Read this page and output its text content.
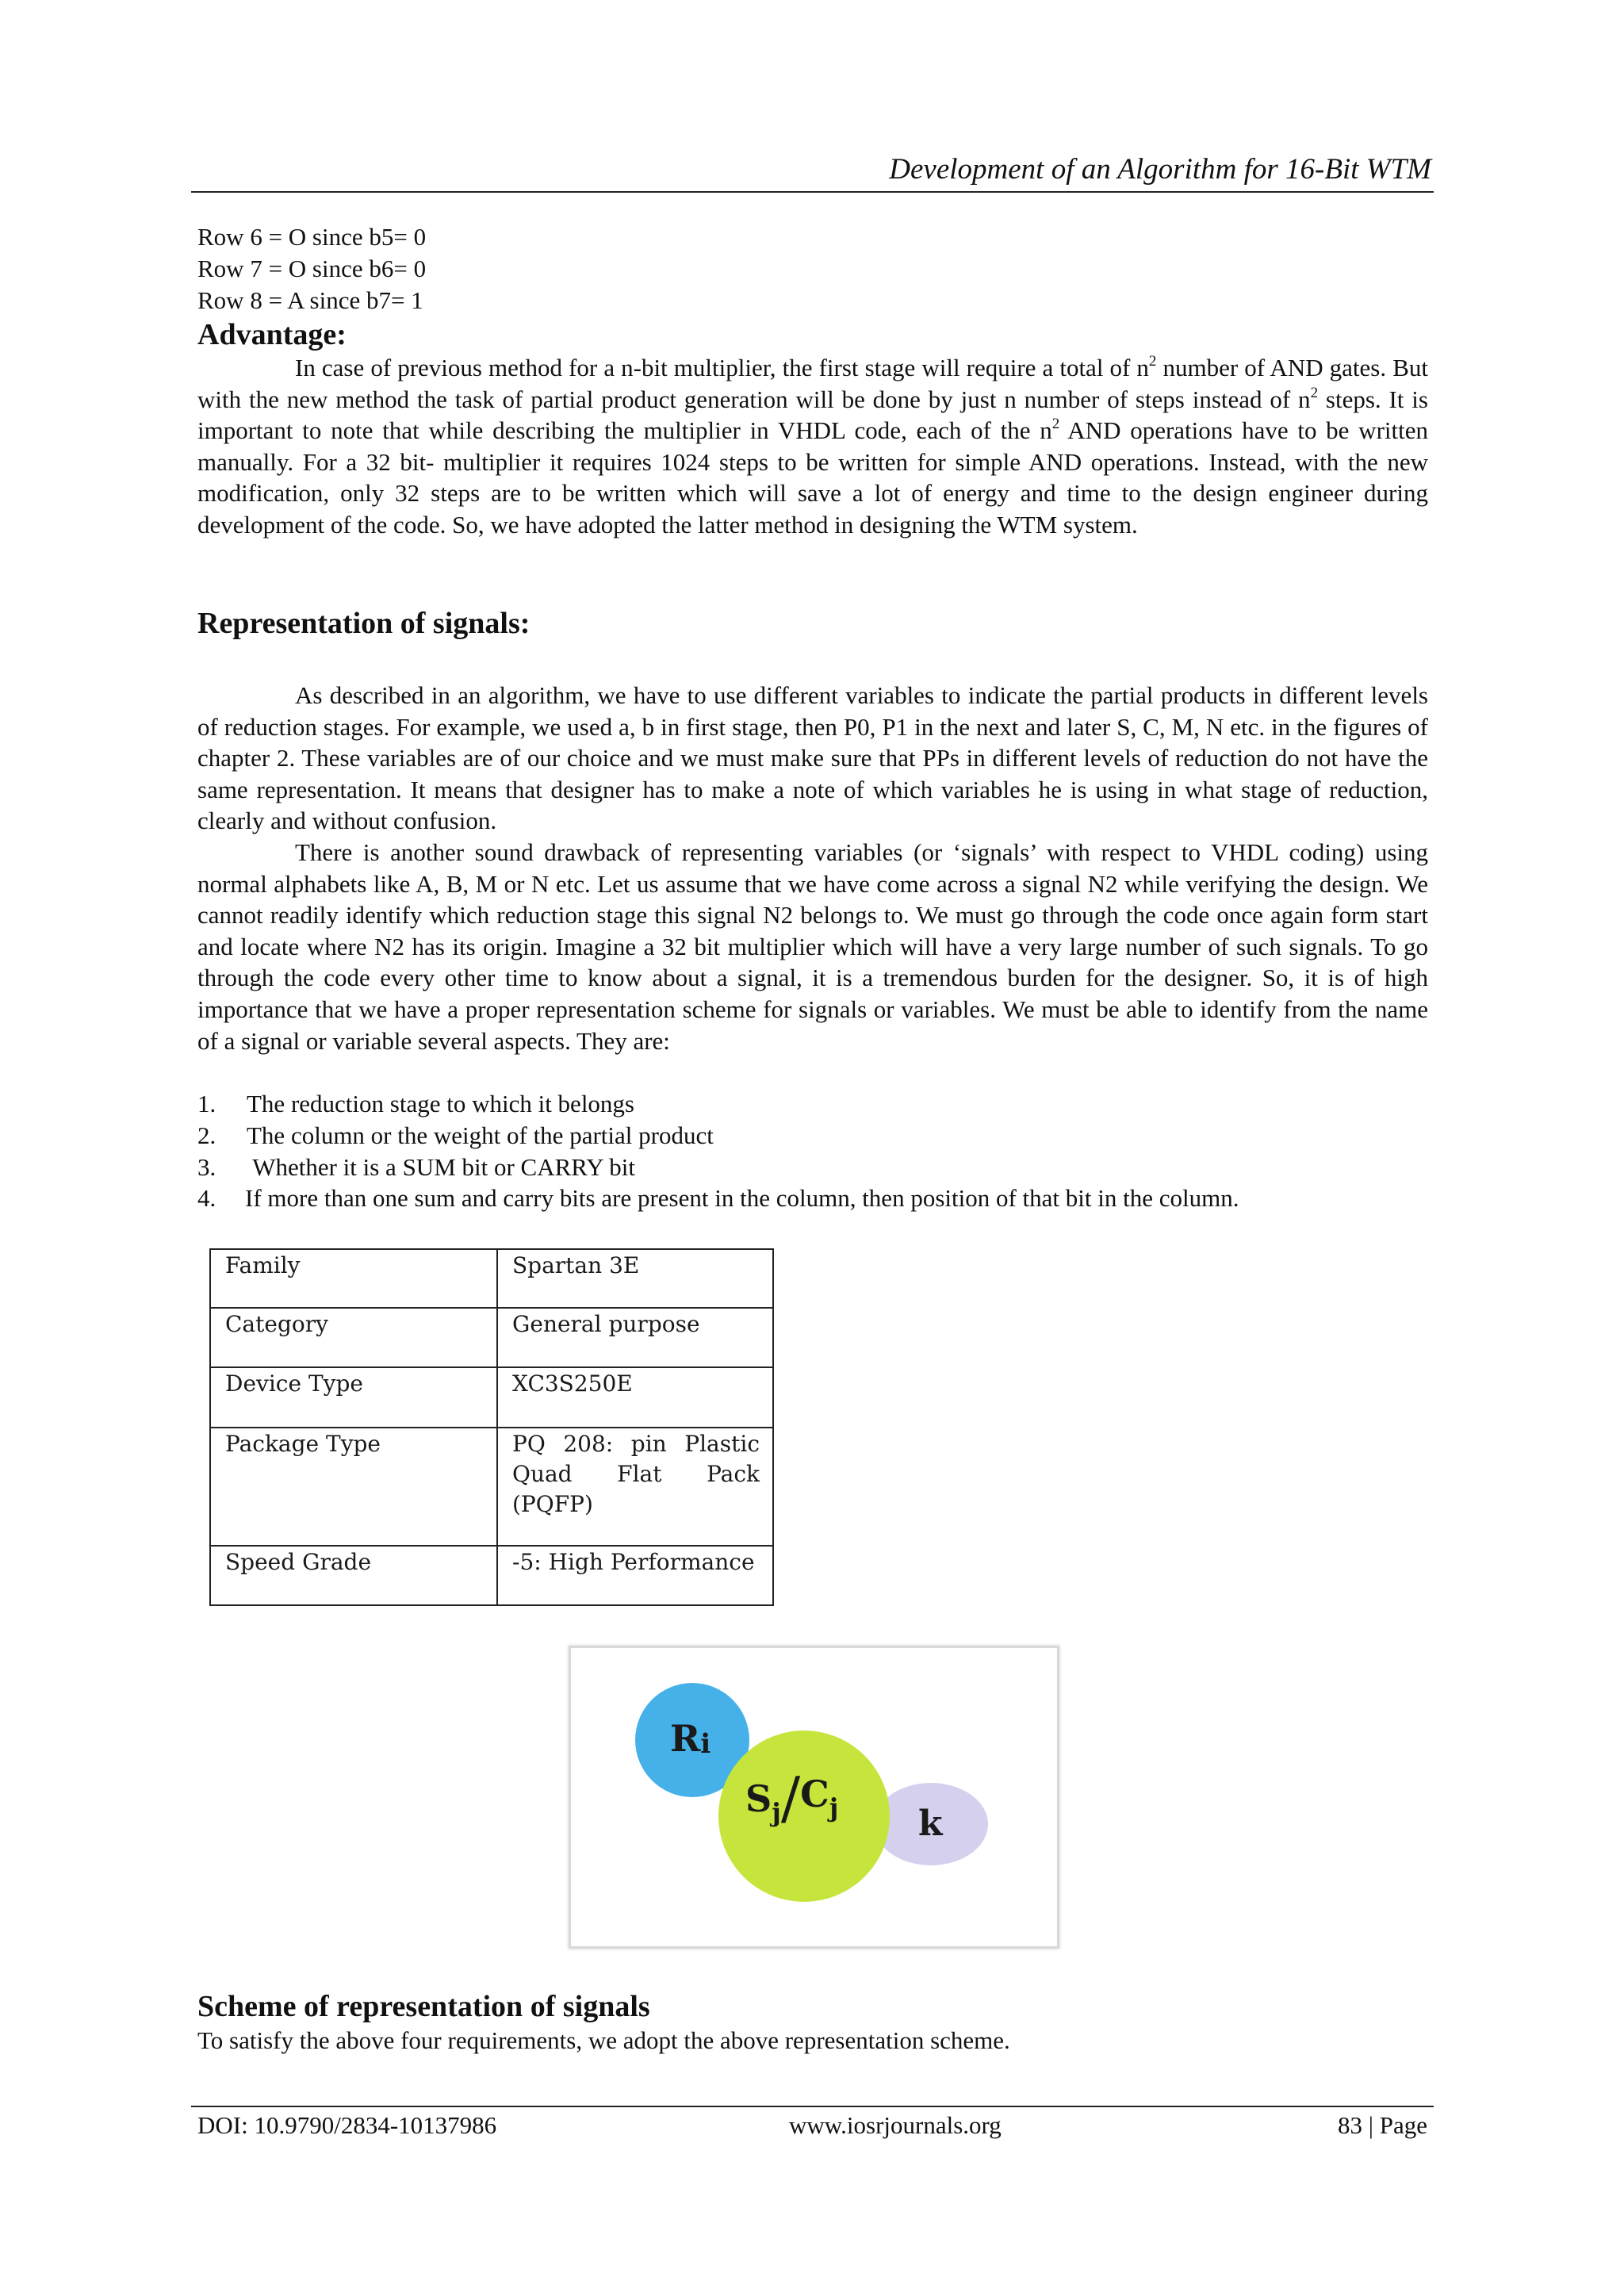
Development of an Algorithm for 16-Bit WTM
Row 6 = O since b5= 0
Row 7 = O since b6= 0
Row 8 = A since b7= 1
Advantage:
In case of previous method for a n-bit multiplier, the first stage will require a total of $n^2$ number of AND gates. But with the new method the task of partial product generation will be done by just n number of steps instead of $n^2$ steps. It is important to note that while describing the multiplier in VHDL code, each of the $n^2$ AND operations have to be written manually. For a 32 bit- multiplier it requires 1024 steps to be written for simple AND operations. Instead, with the new modification, only 32 steps are to be written which will save a lot of energy and time to the design engineer during development of the code. So, we have adopted the latter method in designing the WTM system.
Representation of signals:
As described in an algorithm, we have to use different variables to indicate the partial products in different levels of reduction stages. For example, we used a, b in first stage, then P0, P1 in the next and later S, C, M, N etc. in the figures of chapter 2. These variables are of our choice and we must make sure that PPs in different levels of reduction do not have the same representation. It means that designer has to make a note of which variables he is using in what stage of reduction, clearly and without confusion.
There is another sound drawback of representing variables (or ‘signals’ with respect to VHDL coding) using normal alphabets like A, B, M or N etc. Let us assume that we have come across a signal N2 while verifying the design. We cannot readily identify which reduction stage this signal N2 belongs to. We must go through the code once again form start and locate where N2 has its origin. Imagine a 32 bit multiplier which will have a very large number of such signals. To go through the code every other time to know about a signal, it is a tremendous burden for the designer. So, it is of high importance that we have a proper representation scheme for signals or variables. We must be able to identify from the name of a signal or variable several aspects. They are:
1. The reduction stage to which it belongs
2. The column or the weight of the partial product
3. Whether it is a SUM bit or CARRY bit
4. If more than one sum and carry bits are present in the column, then position of that bit in the column.
Family	Spartan 3E
Category	General purpose
Device Type	XC3S250E
Package Type	PQ 208: pin Plastic Quad Flat Pack (PQFP)
Speed Grade	-5: High Performance
Ri
$S_j/C_j$ k
Scheme of representation of signals
To satisfy the above four requirements, we adopt the above representation scheme.
DOI: 10.9790/2834-10137986	www.iosrjournals.org	83 | Page
